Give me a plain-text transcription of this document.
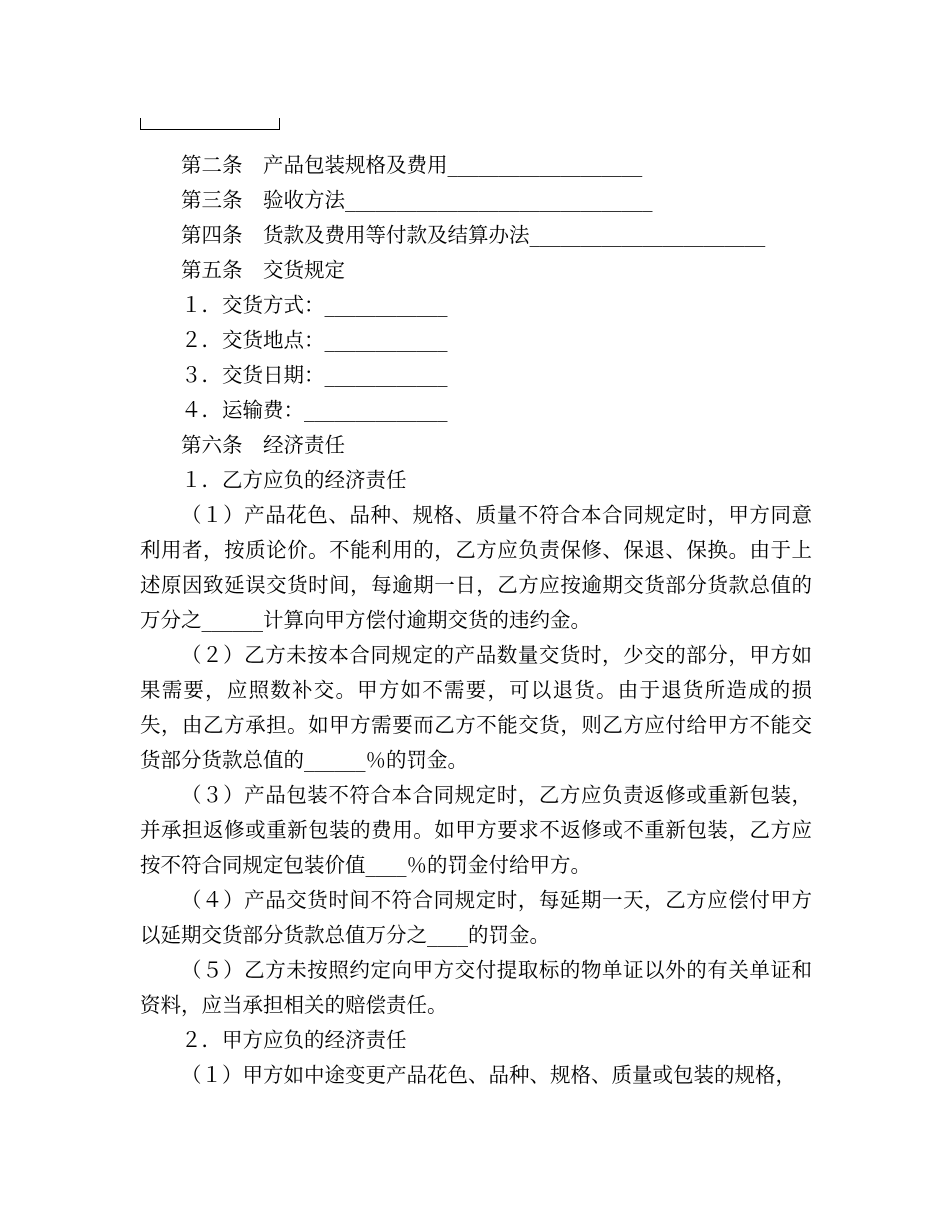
第二条　产品包装规格及费用___________________
第三条　验收方法______________________________
第四条　货款及费用等付款及结算办法_______________________
第五条　交货规定
１．交货方式：____________
２．交货地点：____________
３．交货日期：____________
４．运输费：______________
第六条　经济责任
１．乙方应负的经济责任
（１）产品花色、品种、规格、质量不符合本合同规定时，甲方同意利用者，按质论价。不能利用的，乙方应负责保修、保退、保换。由于上述原因致延误交货时间，每逾期一日，乙方应按逾期交货部分货款总值的万分之______计算向甲方偿付逾期交货的违约金。
（２）乙方未按本合同规定的产品数量交货时，少交的部分，甲方如果需要，应照数补交。甲方如不需要，可以退货。由于退货所造成的损失，由乙方承担。如甲方需要而乙方不能交货，则乙方应付给甲方不能交货部分货款总值的______％的罚金。
（３）产品包装不符合本合同规定时，乙方应负责返修或重新包装，并承担返修或重新包装的费用。如甲方要求不返修或不重新包装，乙方应按不符合同规定包装价值____％的罚金付给甲方。
（４）产品交货时间不符合同规定时，每延期一天，乙方应偿付甲方以延期交货部分货款总值万分之____的罚金。
（５）乙方未按照约定向甲方交付提取标的物单证以外的有关单证和资料，应当承担相关的赔偿责任。
２．甲方应负的经济责任
（１）甲方如中途变更产品花色、品种、规格、质量或包装的规格，
